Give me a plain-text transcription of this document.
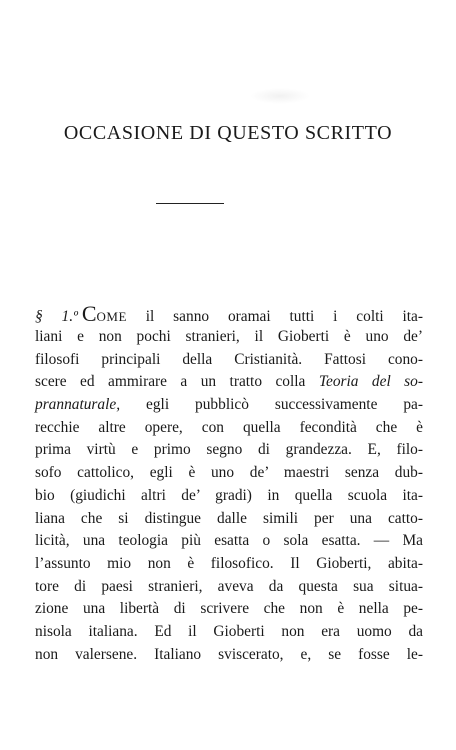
OCCASIONE DI QUESTO SCRITTO
§ 1.º COME il sanno oramai tutti i colti ita-
liani e non pochi stranieri, il Gioberti è uno de’
filosofi principali della Cristianità. Fattosi cono-
scere ed ammirare a un tratto colla Teoria del so-
prannaturale, egli pubblicò successivamente pa-
recchie altre opere, con quella fecondità che è
prima virtù e primo segno di grandezza. E, filo-
sofo cattolico, egli è uno de’ maestri senza dub-
bio (giudichi altri de’ gradi) in quella scuola ita-
liana che si distingue dalle simili per una catto-
licità, una teologia più esatta o sola esatta. — Ma
l’assunto mio non è filosofico. Il Gioberti, abita-
tore di paesi stranieri, aveva da questa sua situa-
zione una libertà di scrivere che non è nella pe-
nisola italiana. Ed il Gioberti non era uomo da
non valersene. Italiano sviscerato, e, se fosse le-
